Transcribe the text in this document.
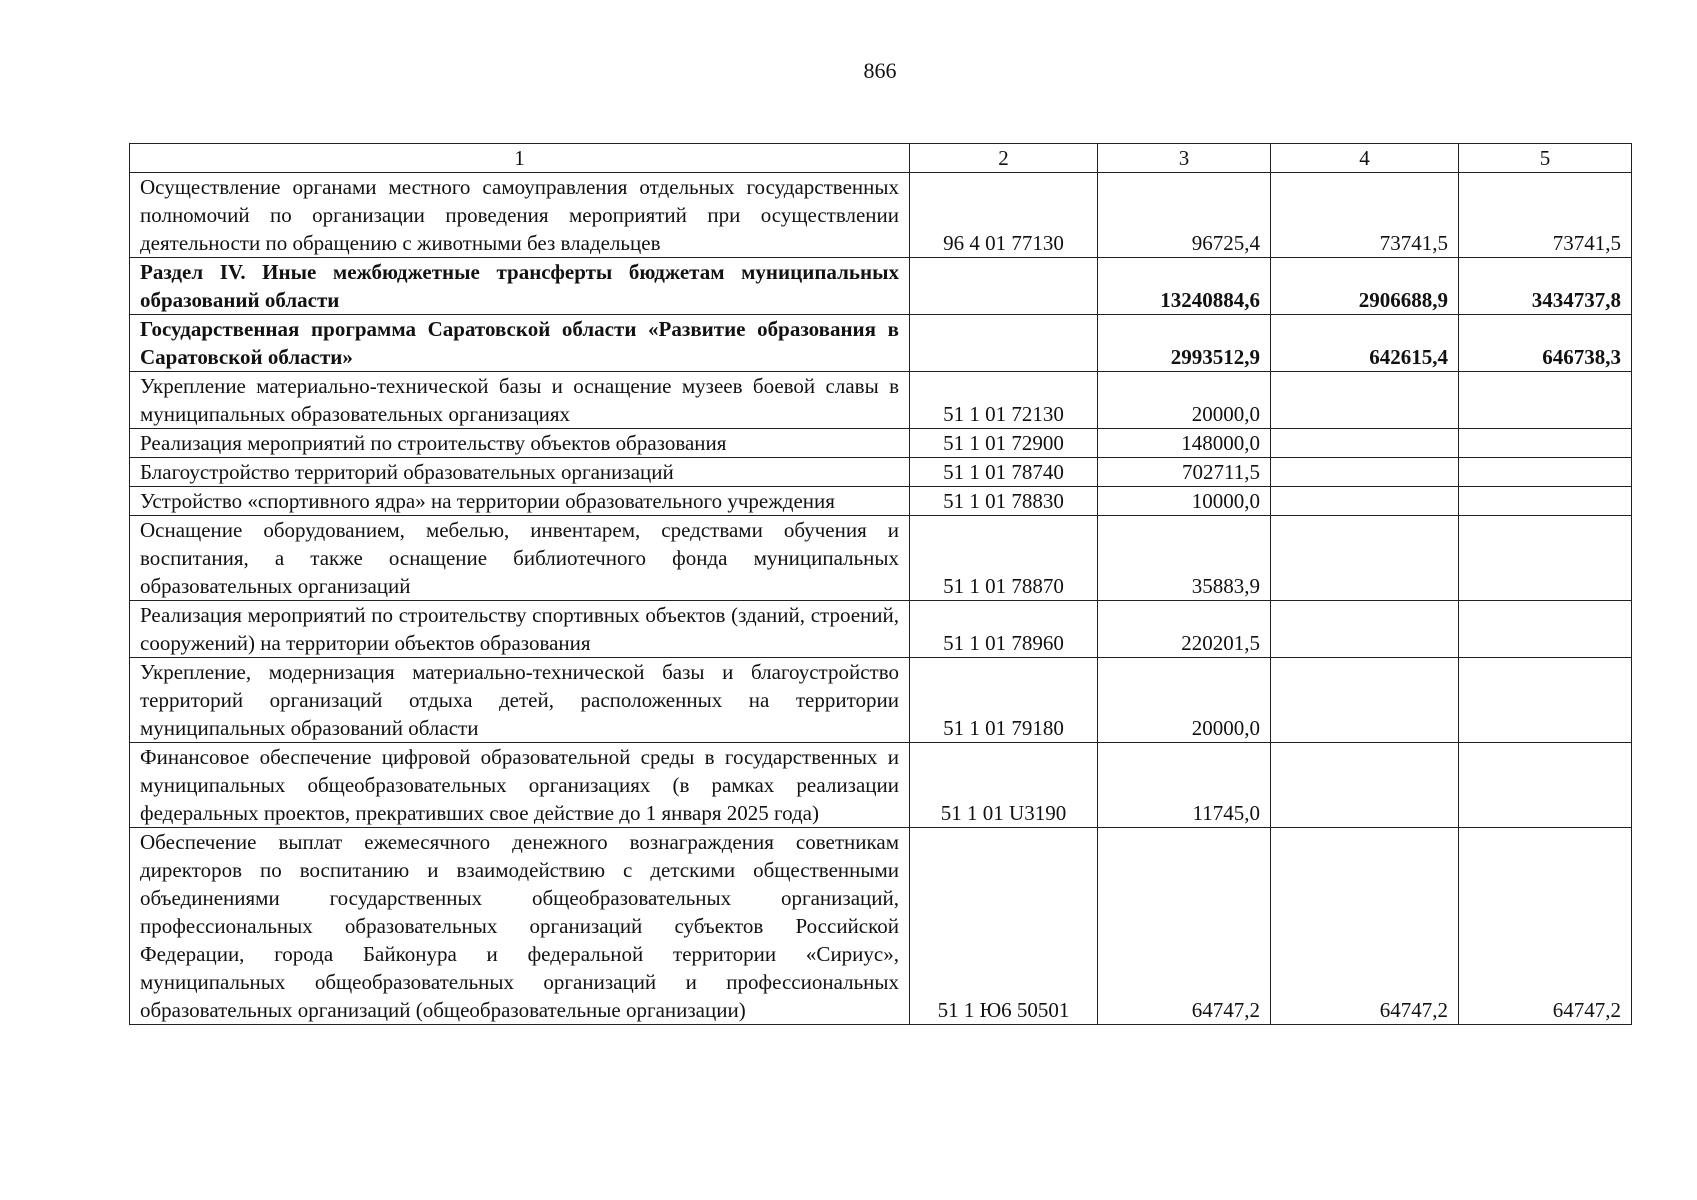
866
1	2	3	4	5
Осуществление органами местного самоуправления отдельных государственных полномочий по организации проведения мероприятий при осуществлении деятельности по обращению с животными без владельцев	96 4 01 77130	96725,4	73741,5	73741,5
Раздел IV. Иные межбюджетные трансферты бюджетам муниципальных образований области		13240884,6	2906688,9	3434737,8
Государственная программа Саратовской области «Развитие образования в Саратовской области»		2993512,9	642615,4	646738,3
Укрепление материально-технической базы и оснащение музеев боевой славы в муниципальных образовательных организациях	51 1 01 72130	20000,0		
Реализация мероприятий по строительству объектов образования	51 1 01 72900	148000,0		
Благоустройство территорий образовательных организаций	51 1 01 78740	702711,5		
Устройство «спортивного ядра» на территории образовательного учреждения	51 1 01 78830	10000,0		
Оснащение оборудованием, мебелью, инвентарем, средствами обучения и воспитания, а также оснащение библиотечного фонда муниципальных образовательных организаций	51 1 01 78870	35883,9		
Реализация мероприятий по строительству спортивных объектов (зданий, строений, сооружений) на территории объектов образования	51 1 01 78960	220201,5		
Укрепление, модернизация материально-технической базы и благоустройство территорий организаций отдыха детей, расположенных на территории муниципальных образований области	51 1 01 79180	20000,0		
Финансовое обеспечение цифровой образовательной среды в государственных и муниципальных общеобразовательных организациях (в рамках реализации федеральных проектов, прекративших свое действие до 1 января 2025 года)	51 1 01 U3190	11745,0		
Обеспечение выплат ежемесячного денежного вознаграждения советникам директоров по воспитанию и взаимодействию с детскими общественными объединениями государственных общеобразовательных организаций, профессиональных образовательных организаций субъектов Российской Федерации, города Байконура и федеральной территории «Сириус», муниципальных общеобразовательных организаций и профессиональных образовательных организаций (общеобразовательные организации)	51 1 Ю6 50501	64747,2	64747,2	64747,2
